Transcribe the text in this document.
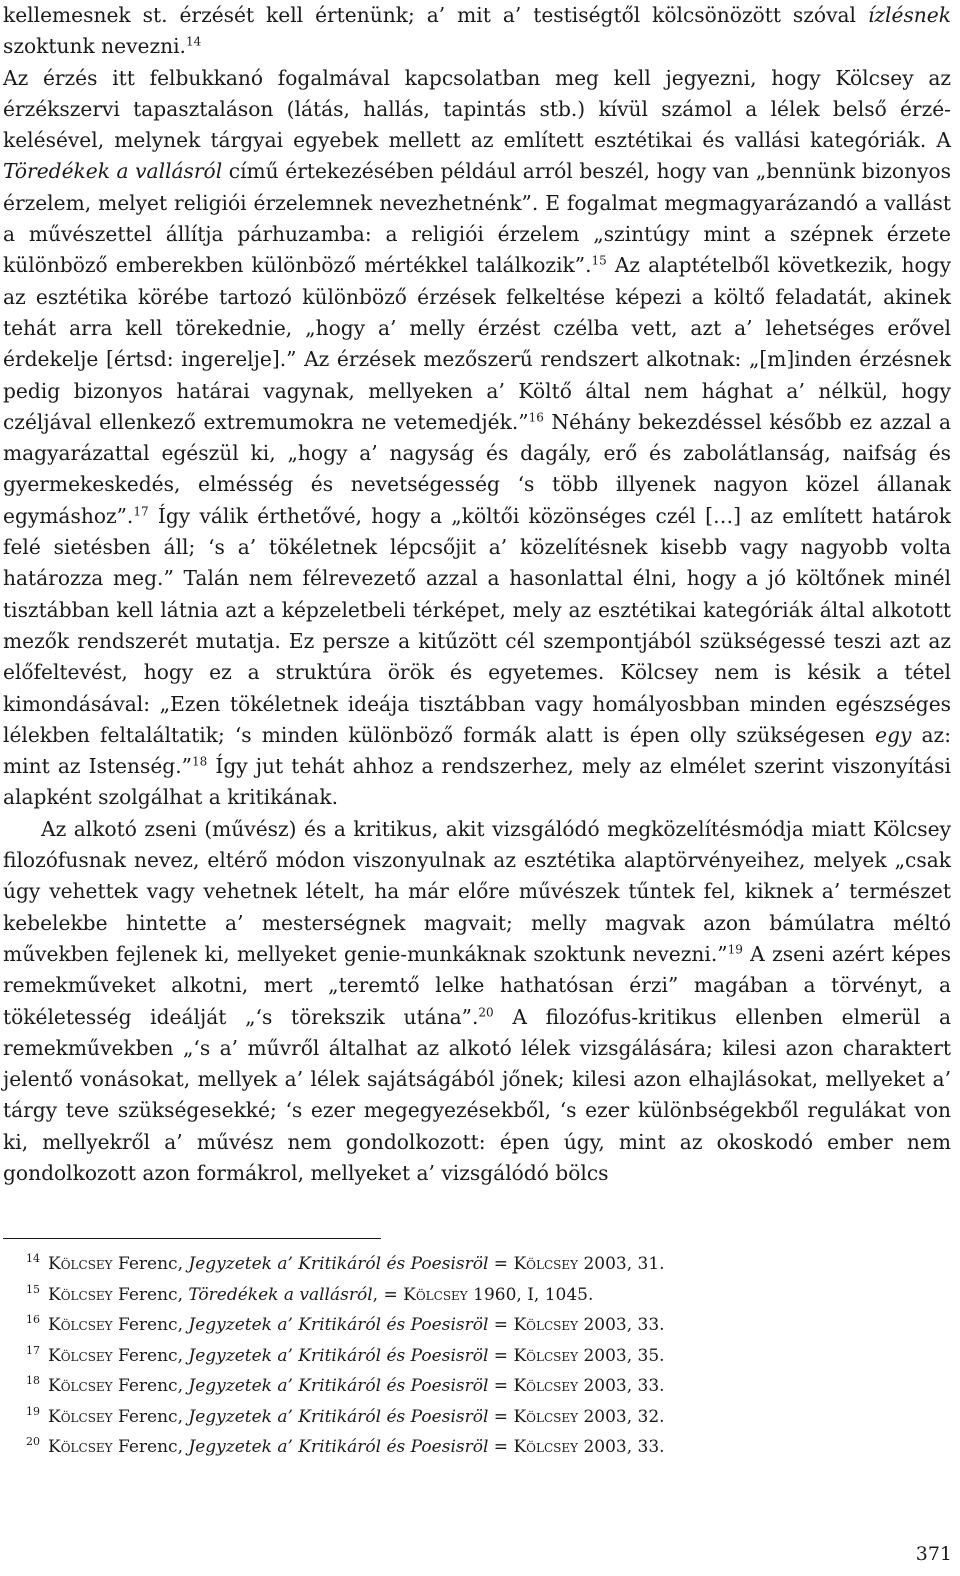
kellemesnek st. érzését kell értenünk; a’ mit a’ testiségtől kölcsönözött szóval ízlésnek szoktunk nevezni.$^{14}$

Az érzés itt felbukkanó fogalmával kapcsolatban meg kell jegyezni, hogy Kölcsey az érzékszervi tapasztaláson (látás, hallás, tapintás stb.) kívül számol a lélek belső érzékelésével, melynek tárgyai egyebek mellett az említett esztétikai és vallási kategóriák. A Töredékek a vallásról című értekezésében például arról beszél, hogy van „bennünk bizonyos érzelem, melyet religiói érzelemnek nevezhetnénk”. E fogalmat megmagyarázandó a vallást a művészettel állítja párhuzamba: a religiói érzelem „szintúgy mint a szépnek érzete különböző emberekben különböző mértékkel találkozik”.$^{15}$ Az alaptételből következik, hogy az esztétika körébe tartozó különböző érzések felkeltése képezi a költő feladatát, akinek tehát arra kell törekednie, „hogy a’ melly érzést czélba vett, azt a’ lehetséges erővel érdekelje [értsd: ingerelje].” Az érzések mezőszerű rendszert alkotnak: „[m]inden érzésnek pedig bizonyos határai vagynak, mellyeken a’ Költő által nem hághat a’ nélkül, hogy czéljával ellenkező extremumokra ne vetemedjék.”$^{16}$ Néhány bekezdéssel később ez azzal a magyarázattal egészül ki, „hogy a’ nagyság és dagály, erő és zabolátlanság, naifság és gyermekeskedés, elmésség és nevetségesség ‘s több illyenek nagyon közel állanak egymáshoz”.$^{17}$ Így válik érthetővé, hogy a „költői közönséges czél […] az említett határok felé sietésben áll; ‘s a’ tökéletnek lépcsőjit a’ közelítésnek kisebb vagy nagyobb volta határozza meg.” Talán nem félrevezető azzal a hasonlattal élni, hogy a jó költőnek minél tisztábban kell látnia azt a képzeletbeli térképet, mely az esztétikai kategóriák által alkotott mezők rendszerét mutatja. Ez persze a kitűzött cél szempontjából szükségessé teszi azt az előfeltevést, hogy ez a struktúra örök és egyetemes. Kölcsey nem is késik a tétel kimondásával: „Ezen tökéletnek ideája tisztábban vagy homályosbban minden egészséges lélekben feltaláltatik; ‘s minden különböző formák alatt is épen olly szükségesen egy az: mint az Istenség.”$^{18}$ Így jut tehát ahhoz a rendszerhez, mely az elmélet szerint viszonyítási alapként szolgálhat a kritikának.

Az alkotó zseni (művész) és a kritikus, akit vizsgálódó megközelítésmódja miatt Kölcsey filozófusnak nevez, eltérő módon viszonyulnak az esztétika alaptörvényeihez, melyek „csak úgy vehettek vagy vehetnek lételt, ha már előre művészek tűntek fel, kiknek a’ természet kebelekbe hintette a’ mesterségnek magvait; melly magvak azon bámúlatra méltó művekben fejlenek ki, mellyeket genie-munkáknak szoktunk nevezni.”$^{19}$ A zseni azért képes remekműveket alkotni, mert „teremtő lelke hathatósan érzi” magában a törvényt, a tökéletesség ideálját „‘s törekszik utána”.$^{20}$ A filozófus-kritikus ellenben elmerül a remekművekben „‘s a’ művről általhat az alkotó lélek vizsgálására; kilesi azon charaktert jelentő vonásokat, mellyek a’ lélek sajátságából jőnek; kilesi azon elhajlásokat, mellyeket a’ tárgy teve szükségesekké; ‘s ezer megegyezésekből, ‘s ezer különbségekből regulákat von ki, mellyekről a’ művész nem gondolkozott: épen úgy, mint az okoskodó ember nem gondolkozott azon formákrol, mellyeket a’ vizsgálódó bölcs

14 Kölcsey Ferenc, Jegyzetek a’ Kritikáról és Poesisröl = Kölcsey 2003, 31.
15 Kölcsey Ferenc, Töredékek a vallásról, = Kölcsey 1960, I, 1045.
16 Kölcsey Ferenc, Jegyzetek a’ Kritikáról és Poesisröl = Kölcsey 2003, 33.
17 Kölcsey Ferenc, Jegyzetek a’ Kritikáról és Poesisröl = Kölcsey 2003, 35.
18 Kölcsey Ferenc, Jegyzetek a’ Kritikáról és Poesisröl = Kölcsey 2003, 33.
19 Kölcsey Ferenc, Jegyzetek a’ Kritikáról és Poesisröl = Kölcsey 2003, 32.
20 Kölcsey Ferenc, Jegyzetek a’ Kritikáról és Poesisröl = Kölcsey 2003, 33.
371
